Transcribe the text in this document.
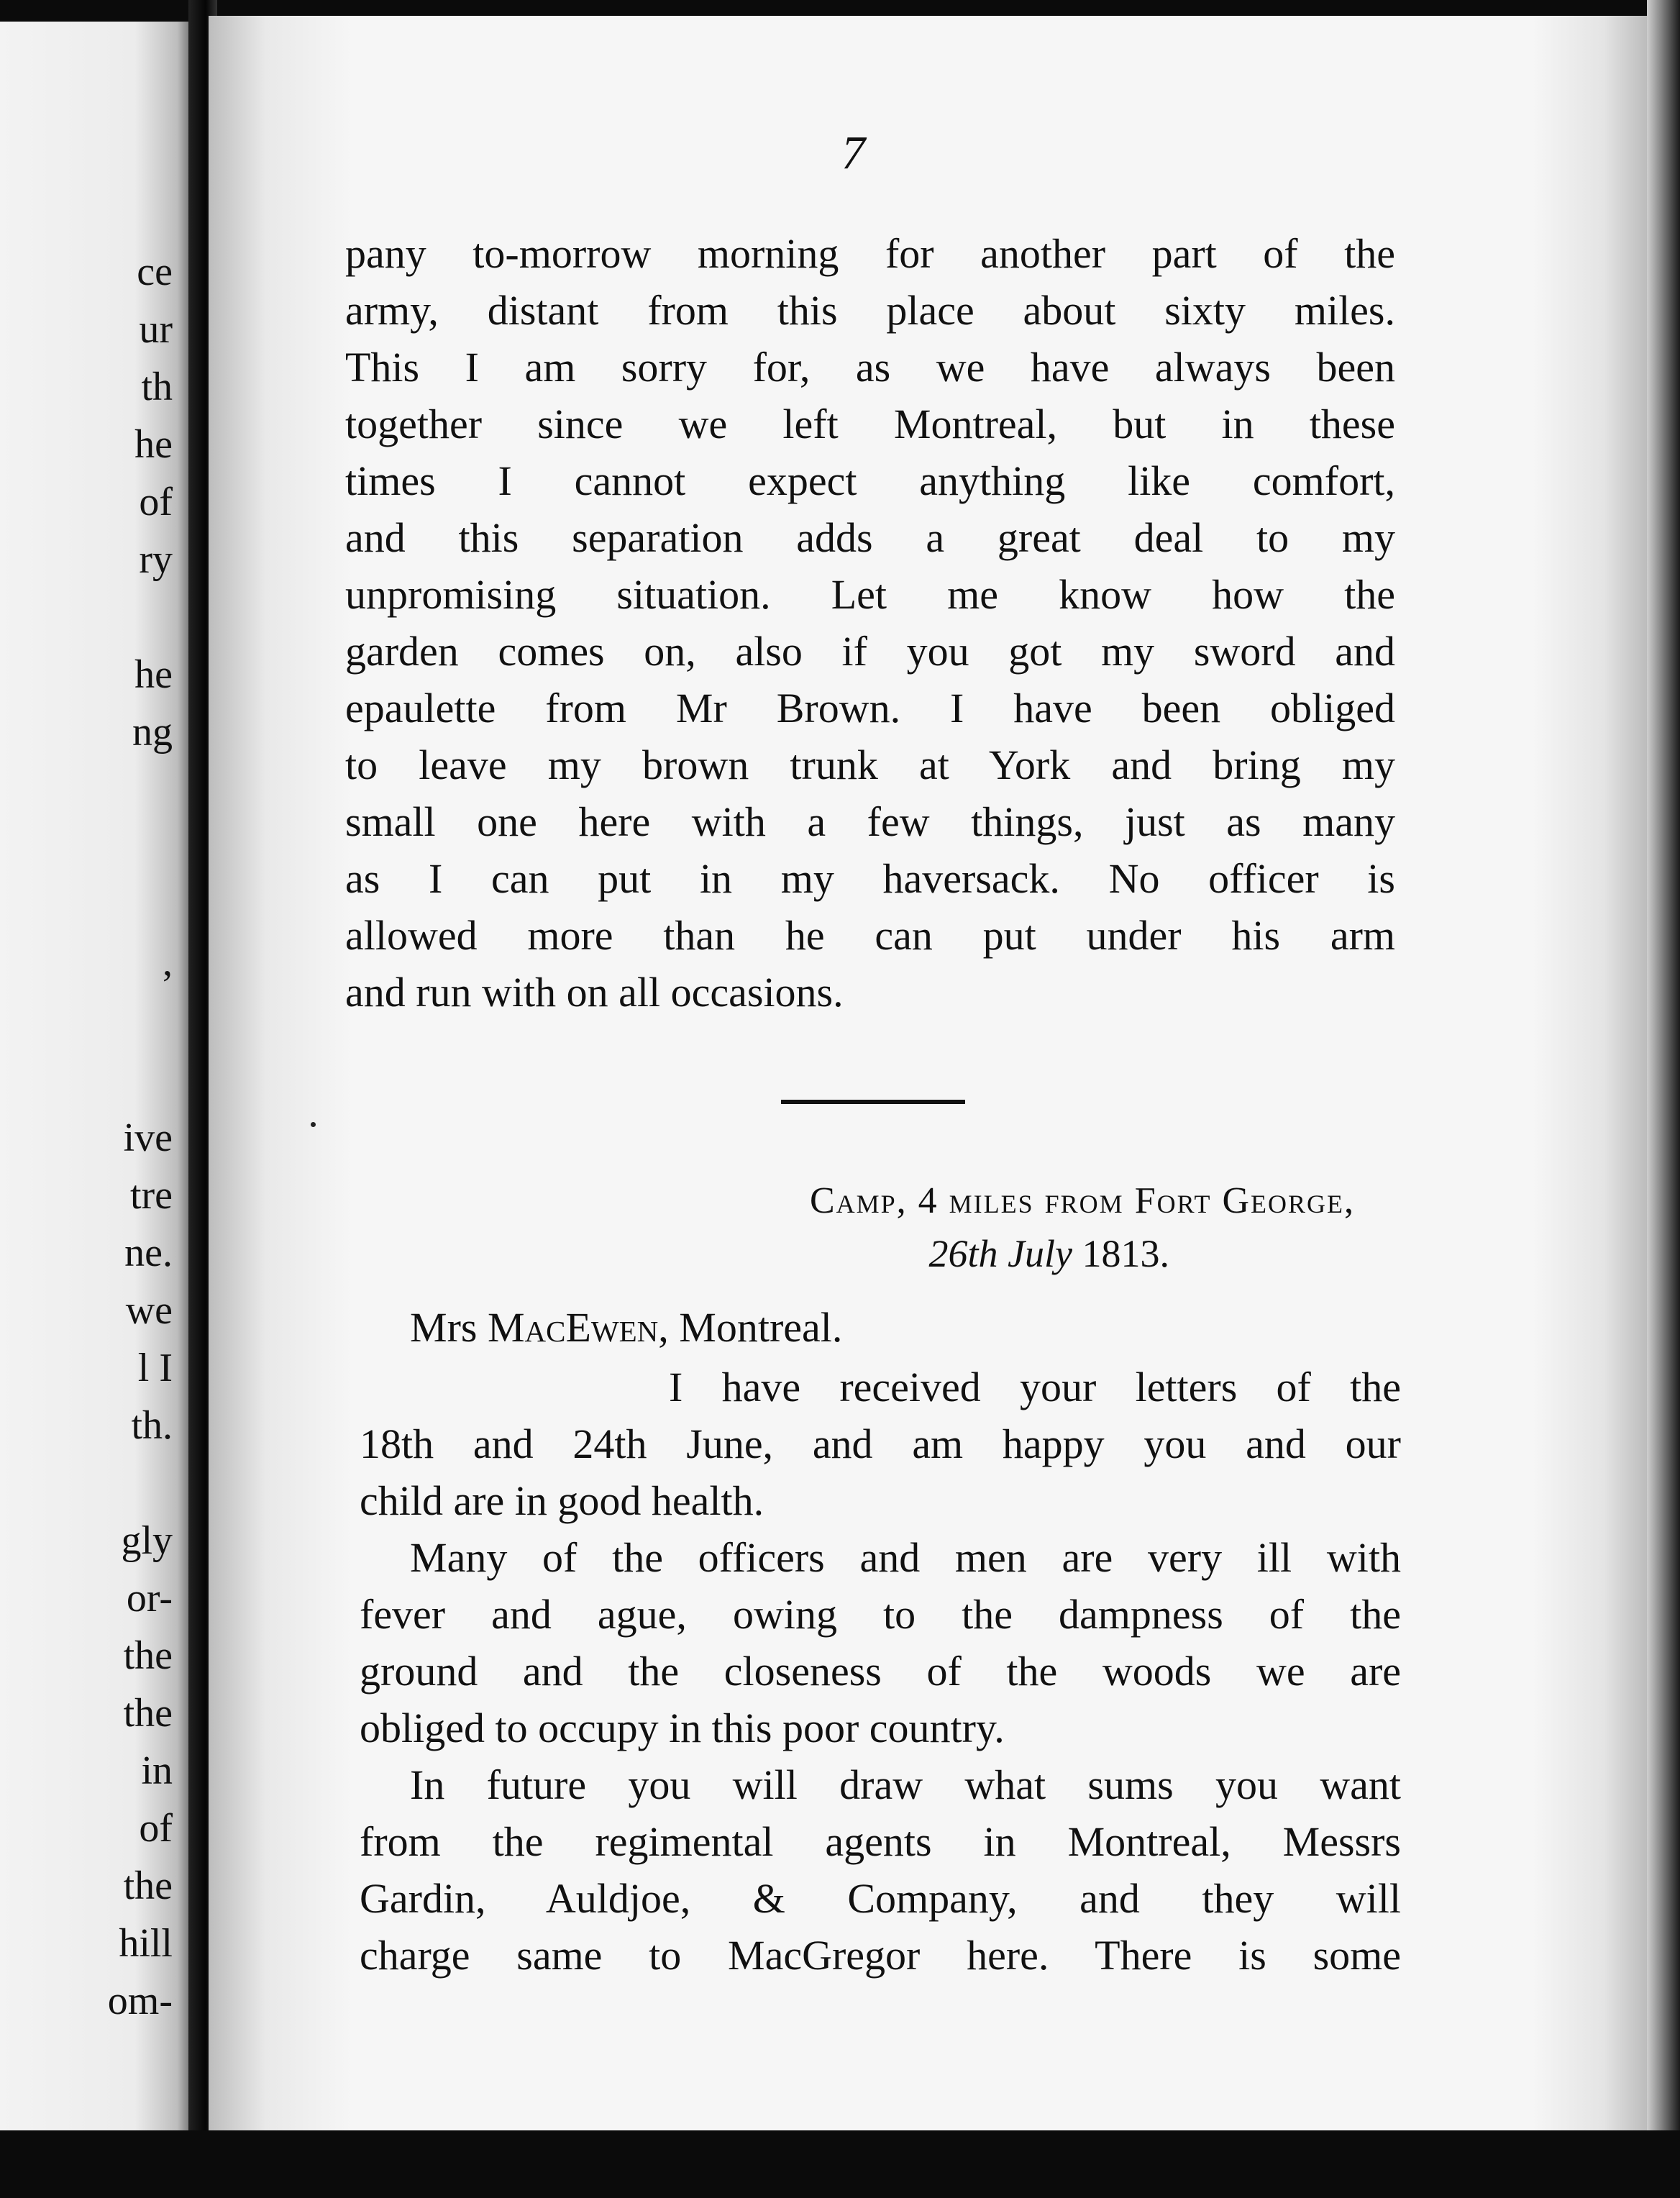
ce
ur
th
he
of
ry
he
ng
,
ive
tre
ne.
we
l I
th.
gly
or-
the
the
in
of
the
hill
om-
7
pany to-morrow morning for another part of the
army, distant from this place about sixty miles.
This I am sorry for, as we have always been
together since we left Montreal, but in these
times I cannot expect anything like comfort,
and this separation adds a great deal to my
unpromising situation. Let me know how the
garden comes on, also if you got my sword and
epaulette from Mr Brown. I have been obliged
to leave my brown trunk at York and bring my
small one here with a few things, just as many
as I can put in my haversack. No officer is
allowed more than he can put under his arm
and run with on all occasions.
Camp, 4 miles from Fort George,
26th July 1813.
Mrs MacEwen, Montreal.
I have received your letters of the
18th and 24th June, and am happy you and our
child are in good health.
Many of the officers and men are very ill with
fever and ague, owing to the dampness of the
ground and the closeness of the woods we are
obliged to occupy in this poor country.
In future you will draw what sums you want
from the regimental agents in Montreal, Messrs
Gardin, Auldjoe, & Company, and they will
charge same to MacGregor here. There is some
